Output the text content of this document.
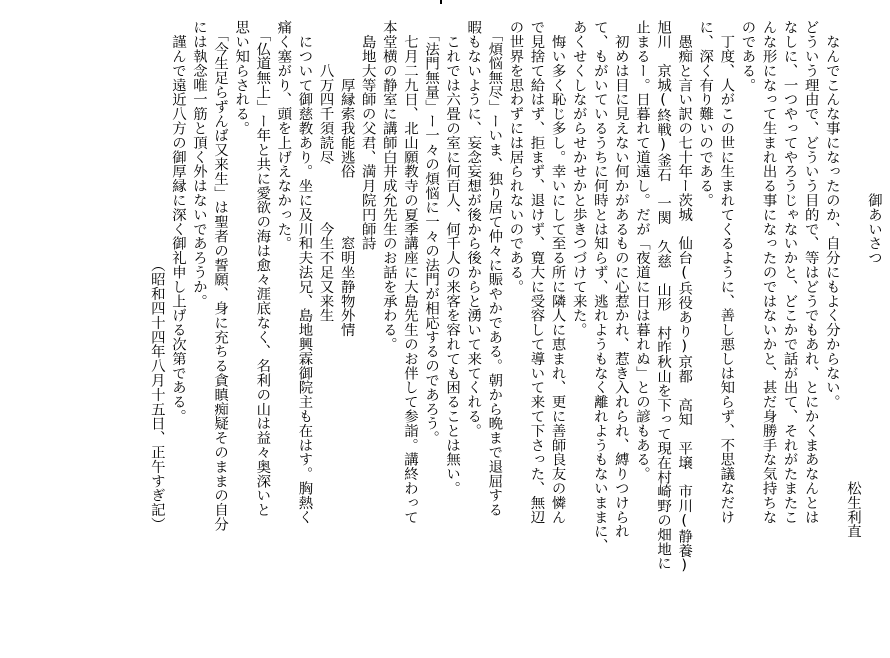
　　　　　　　　　　　　御あいさつ
　　　　　　　　　　　　　　　　　　　　　　　　　　　　　　　　松生利直
　なんでこんな事になったのか、自分にもよく分からない。
どういう理由で、どういう目的で、等はどうでもあれ、とにかくまあなんとは
なしに、一つやってやろうじゃないかと、どこかで話が出て、それがたまたこ
んな形になって生まれ出る事になったのではないかと、甚だ身勝手な気持ちな
のである。
　丁度、人がこの世に生まれてくるように、善し悪しは知らず、不思議なだけ
に、深く有り難いのである。
　愚痴と言い訳の七十年ー茨城　仙台(兵役あり)京都　高知　平壌　市川(静養)
旭川　京城(終戦)釜石　一関　久慈　山形　村昨秋山を下って現在村崎野の畑地に
止まるー。日暮れて道遠し。だが「夜道に日は暮れぬ」との諺もある。
　初めは目に見えない何かがあるものに心惹かれ、惹き入れられ、縛りつけられ
て、もがいているうちに何時とは知らず、逃れようもなく離れようもないままに、
あくせくしながらせかせかと歩きつづけて来た。
　悔い多く恥じ多し。幸いにして至る所に隣人に恵まれ、更に善師良友の憐ん
で見捨て給はず、拒まず、退けず、寛大に受容して導いて来て下さった、無辺
の世界を思わずには居られないのである。
　「煩悩無尽」ーいま、独り居て仲々に賑やかである。朝から晩まで退屈する
暇もないように、妄念妄想が後から後からと湧いて来てくれる。
　これでは六畳の室に何百人、何千人の来客を容れても困ることは無い。
　「法門無量」ー一々の煩悩に一々の法門が相応するのであろう。
　七月二九日、北山願教寺の夏季講座に大島先生のお伴して参詣。講終わって
本堂横の静室に講師白井成允先生のお話を承わる。
　島地大等師の父君、満月院円師詩
　　　　厚縁索我能逃俗　　　　窓明坐静物外情
　　　八万四千須読尽　　　　今生不足又来生
　について御慈教あり。坐に及川和夫法兄、島地興霖御院主も在はす。胸熱く
痛く塞がり、頭を上げえなかった。
　「仏道無上」ー年と共に愛欲の海は愈々涯底なく、名利の山は益々奥深いと
思い知らされる。
　「今生足らずんば又来生」は聖者の誓願、身に充ちる貪瞋痴疑そのままの自分
には執念唯一筋と頂く外はないであろうか。
　謹んで遠近八方の御厚縁に深く御礼申し上げる次第である。
　　　　　　　　　　　　　　　　　（昭和四十四年八月十五日、正午すぎ記）
